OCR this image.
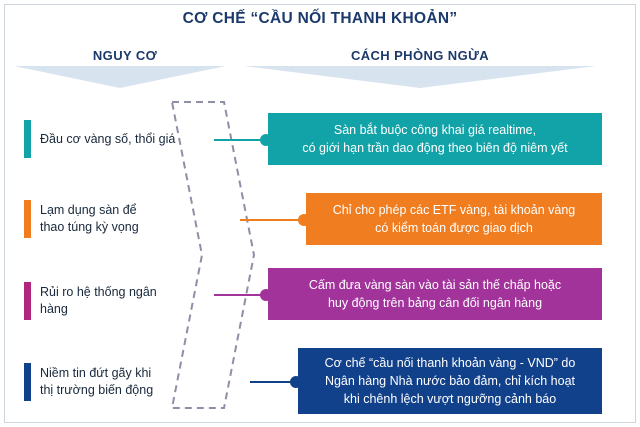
CƠ CHẾ “CẦU NỐI THANH KHOẢN”
NGUY CƠ	CÁCH PHÒNG NGỪA
Đầu cơ vàng số, thổi giá
Lạm dụng sàn để
thao túng kỳ vọng
Rủi ro hệ thống ngân hàng
Niềm tin đứt gãy khi
thị trường biến động
Sàn bắt buộc công khai giá realtime,
có giới hạn trần dao động theo biên độ niêm yết
Chỉ cho phép các ETF vàng, tài khoản vàng
có kiểm toán được giao dịch
Cấm đưa vàng sàn vào tài sản thế chấp hoặc
huy động trên bảng cân đối ngân hàng
Cơ chế “cầu nối thanh khoản vàng - VND” do
Ngân hàng Nhà nước bảo đảm, chỉ kích hoạt
khi chênh lệch vượt ngưỡng cảnh báo
